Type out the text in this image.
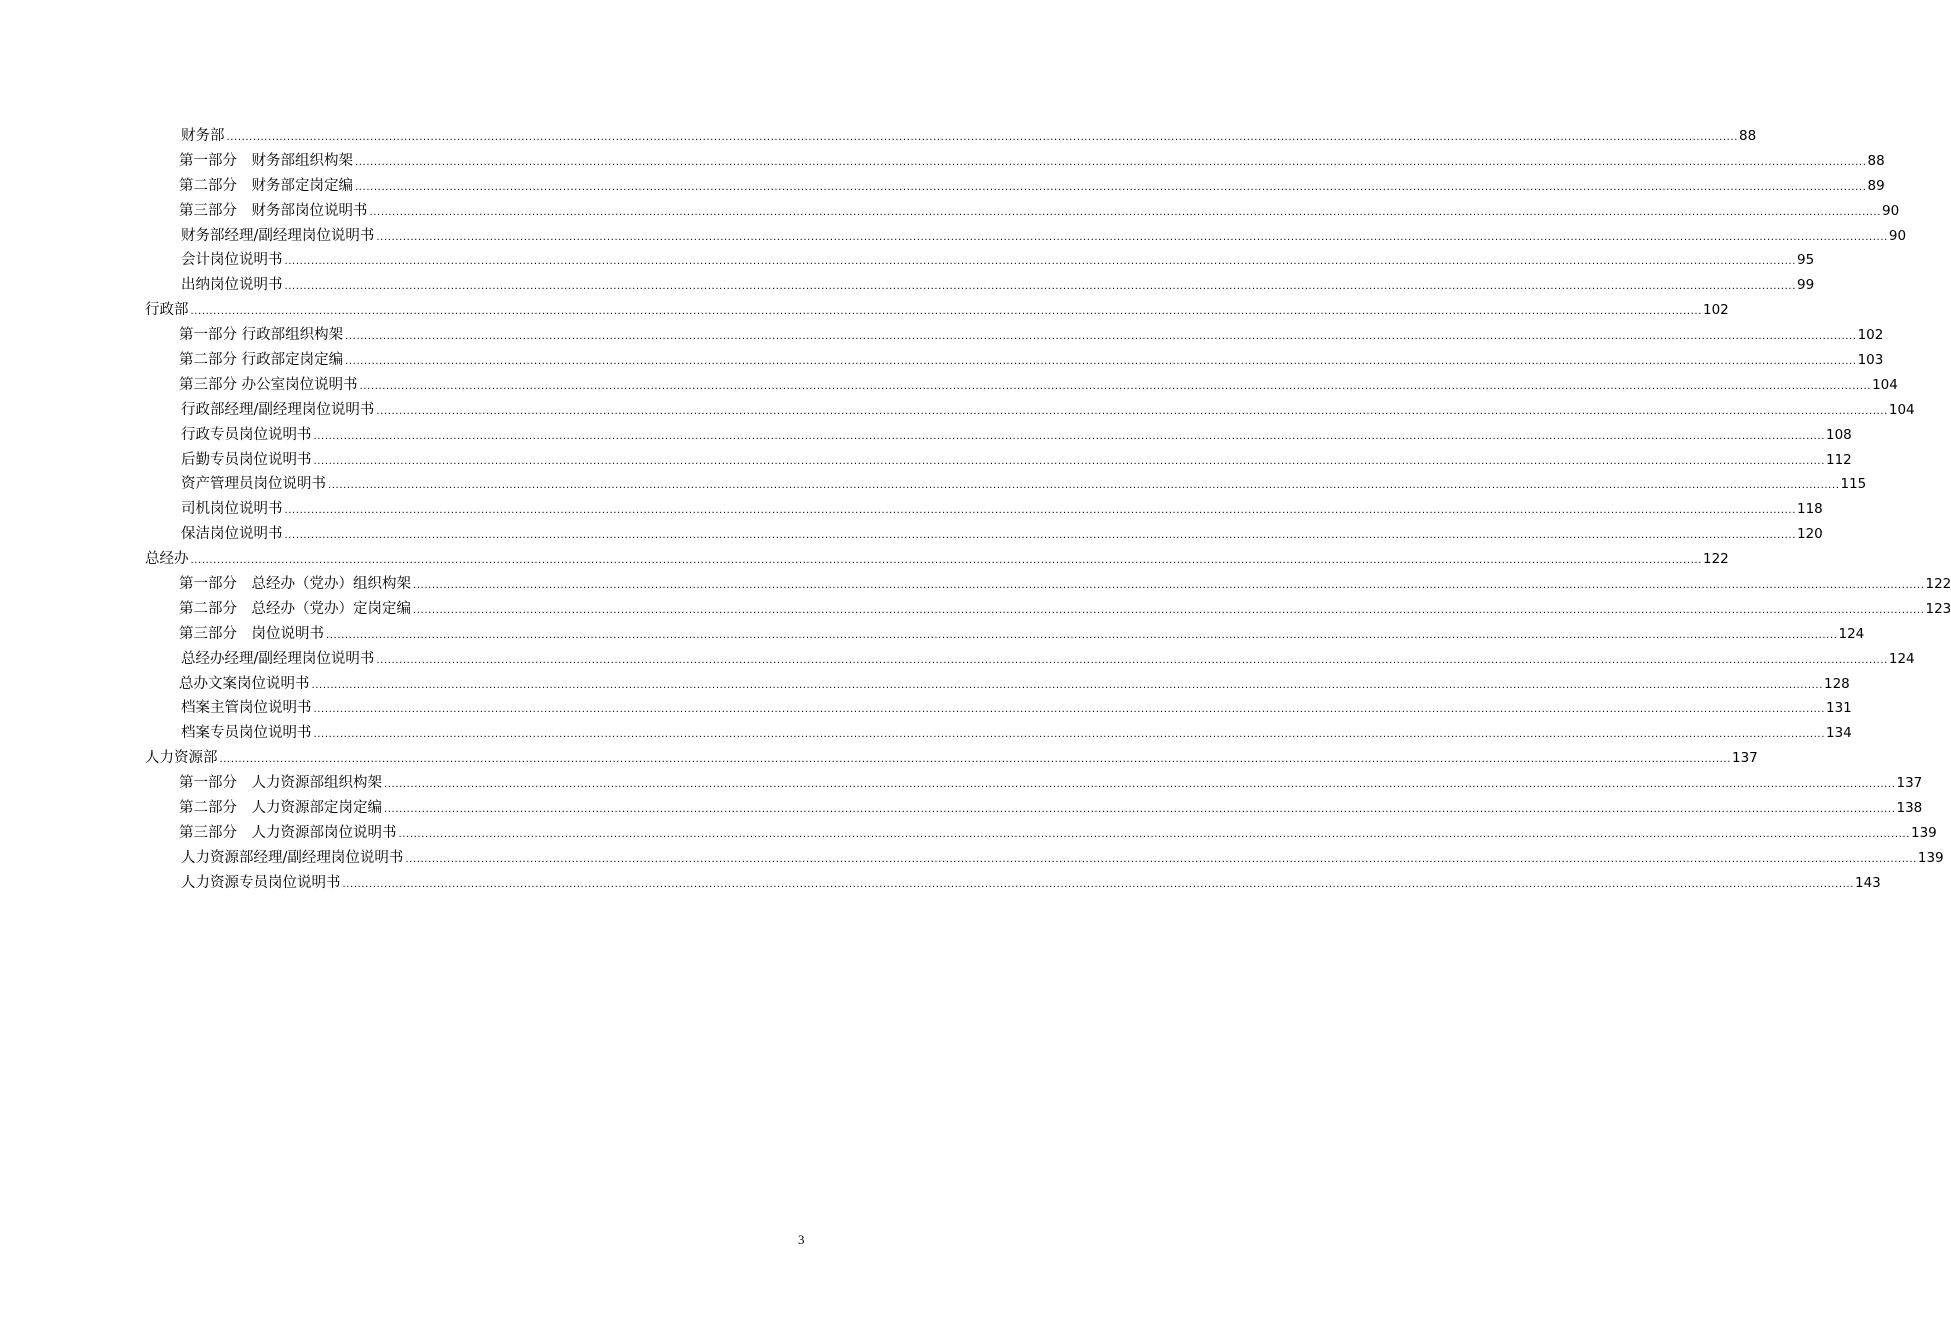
财务部 ................................................................................................................................................................................................................................................................................................................................................................................................................ 88
第一部分　财务部组织构架 ................................................................................................................................................................................................................................................................................................................................................................................................................ 88
第二部分　财务部定岗定编 ................................................................................................................................................................................................................................................................................................................................................................................................................ 89
第三部分　财务部岗位说明书 ................................................................................................................................................................................................................................................................................................................................................................................................................ 90
财务部经理/副经理岗位说明书 ................................................................................................................................................................................................................................................................................................................................................................................................................ 90
会计岗位说明书 ................................................................................................................................................................................................................................................................................................................................................................................................................ 95
出纳岗位说明书 ................................................................................................................................................................................................................................................................................................................................................................................................................ 99
行政部 ................................................................................................................................................................................................................................................................................................................................................................................................................ 102
第一部分 行政部组织构架 ................................................................................................................................................................................................................................................................................................................................................................................................................ 102
第二部分 行政部定岗定编 ................................................................................................................................................................................................................................................................................................................................................................................................................ 103
第三部分 办公室岗位说明书 ................................................................................................................................................................................................................................................................................................................................................................................................................ 104
行政部经理/副经理岗位说明书 ................................................................................................................................................................................................................................................................................................................................................................................................................ 104
行政专员岗位说明书 ................................................................................................................................................................................................................................................................................................................................................................................................................ 108
后勤专员岗位说明书 ................................................................................................................................................................................................................................................................................................................................................................................................................ 112
资产管理员岗位说明书 ................................................................................................................................................................................................................................................................................................................................................................................................................ 115
司机岗位说明书 ................................................................................................................................................................................................................................................................................................................................................................................................................ 118
保洁岗位说明书 ................................................................................................................................................................................................................................................................................................................................................................................................................ 120
总经办 ................................................................................................................................................................................................................................................................................................................................................................................................................ 122
第一部分　总经办（党办）组织构架 ................................................................................................................................................................................................................................................................................................................................................................................................................ 122
第二部分　总经办（党办）定岗定编 ................................................................................................................................................................................................................................................................................................................................................................................................................ 123
第三部分　岗位说明书 ................................................................................................................................................................................................................................................................................................................................................................................................................ 124
总经办经理/副经理岗位说明书 ................................................................................................................................................................................................................................................................................................................................................................................................................ 124
总办文案岗位说明书 ................................................................................................................................................................................................................................................................................................................................................................................................................ 128
档案主管岗位说明书 ................................................................................................................................................................................................................................................................................................................................................................................................................ 131
档案专员岗位说明书 ................................................................................................................................................................................................................................................................................................................................................................................................................ 134
人力资源部 ................................................................................................................................................................................................................................................................................................................................................................................................................ 137
第一部分　人力资源部组织构架 ................................................................................................................................................................................................................................................................................................................................................................................................................ 137
第二部分　人力资源部定岗定编 ................................................................................................................................................................................................................................................................................................................................................................................................................ 138
第三部分　人力资源部岗位说明书 ................................................................................................................................................................................................................................................................................................................................................................................................................ 139
人力资源部经理/副经理岗位说明书 ................................................................................................................................................................................................................................................................................................................................................................................................................ 139
人力资源专员岗位说明书 ................................................................................................................................................................................................................................................................................................................................................................................................................ 143
3
